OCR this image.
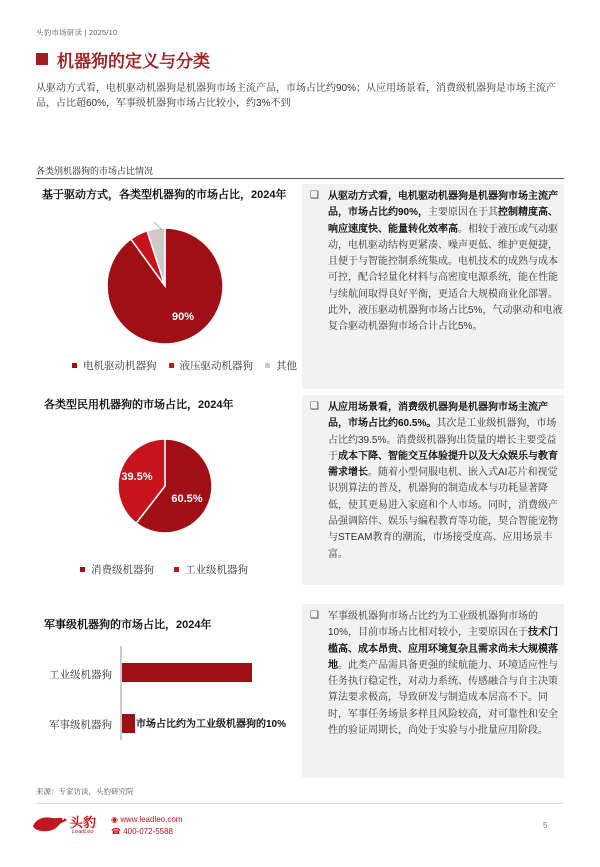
头豹市场研读 | 2025/10
机器狗的定义与分类
从驱动方式看，电机驱动机器狗是机器狗市场主流产品，市场占比约90%；从应用场景看，消费级机器狗是市场主流产品，占比超60%，军事级机器狗市场占比较小，约3%不到
各类别机器狗的市场占比情况
基于驱动方式，各类型机器狗的市场占比，2024年
90%
电机驱动机器狗 液压驱动机器狗 其他
❑ 从驱动方式看，电机驱动机器狗是机器狗市场主流产品，市场占比约90%，主要原因在于其控制精度高、响应速度快、能量转化效率高。相较于液压或气动驱动，电机驱动结构更紧凑、噪声更低、维护更便捷，且便于与智能控制系统集成。电机技术的成熟与成本可控，配合轻量化材料与高密度电源系统，能在性能与续航间取得良好平衡，更适合大规模商业化部署。此外，液压驱动机器狗市场占比5%，气动驱动和电液复合驱动机器狗市场合计占比5%。
各类型民用机器狗的市场占比，2024年
60.5%
39.5%
消费级机器狗	工业级机器狗
❑ 从应用场景看，消费级机器狗是机器狗市场主流产品，市场占比约60.5%。其次是工业级机器狗，市场占比约39.5%。消费级机器狗出货量的增长主要受益于成本下降、智能交互体验提升以及大众娱乐与教育需求增长。随着小型伺服电机、嵌入式AI芯片和视觉识别算法的普及，机器狗的制造成本与功耗显著降低，使其更易进入家庭和个人市场。同时，消费级产品强调陪伴、娱乐与编程教育等功能，契合智能宠物与STEAM教育的潮流，市场接受度高、应用场景丰富。
军事级机器狗的市场占比，2024年
工业级机器狗
军事级机器狗 市场占比约为工业级机器狗的10%
❑ 军事级机器狗市场占比约为工业级机器狗市场的10%，目前市场占比相对较小，主要原因在于技术门槛高、成本昂贵、应用环境复杂且需求尚未大规模落地。此类产品需具备更强的续航能力、环境适应性与任务执行稳定性，对动力系统、传感融合与自主决策算法要求极高，导致研发与制造成本居高不下。同时，军事任务场景多样且风险较高，对可靠性和安全性的验证周期长，尚处于实验与小批量应用阶段。
来源：专家访谈，头豹研究院
头豹
LeadLeo
◉ www.leadleo.com
☎ 400-072-5588
5
